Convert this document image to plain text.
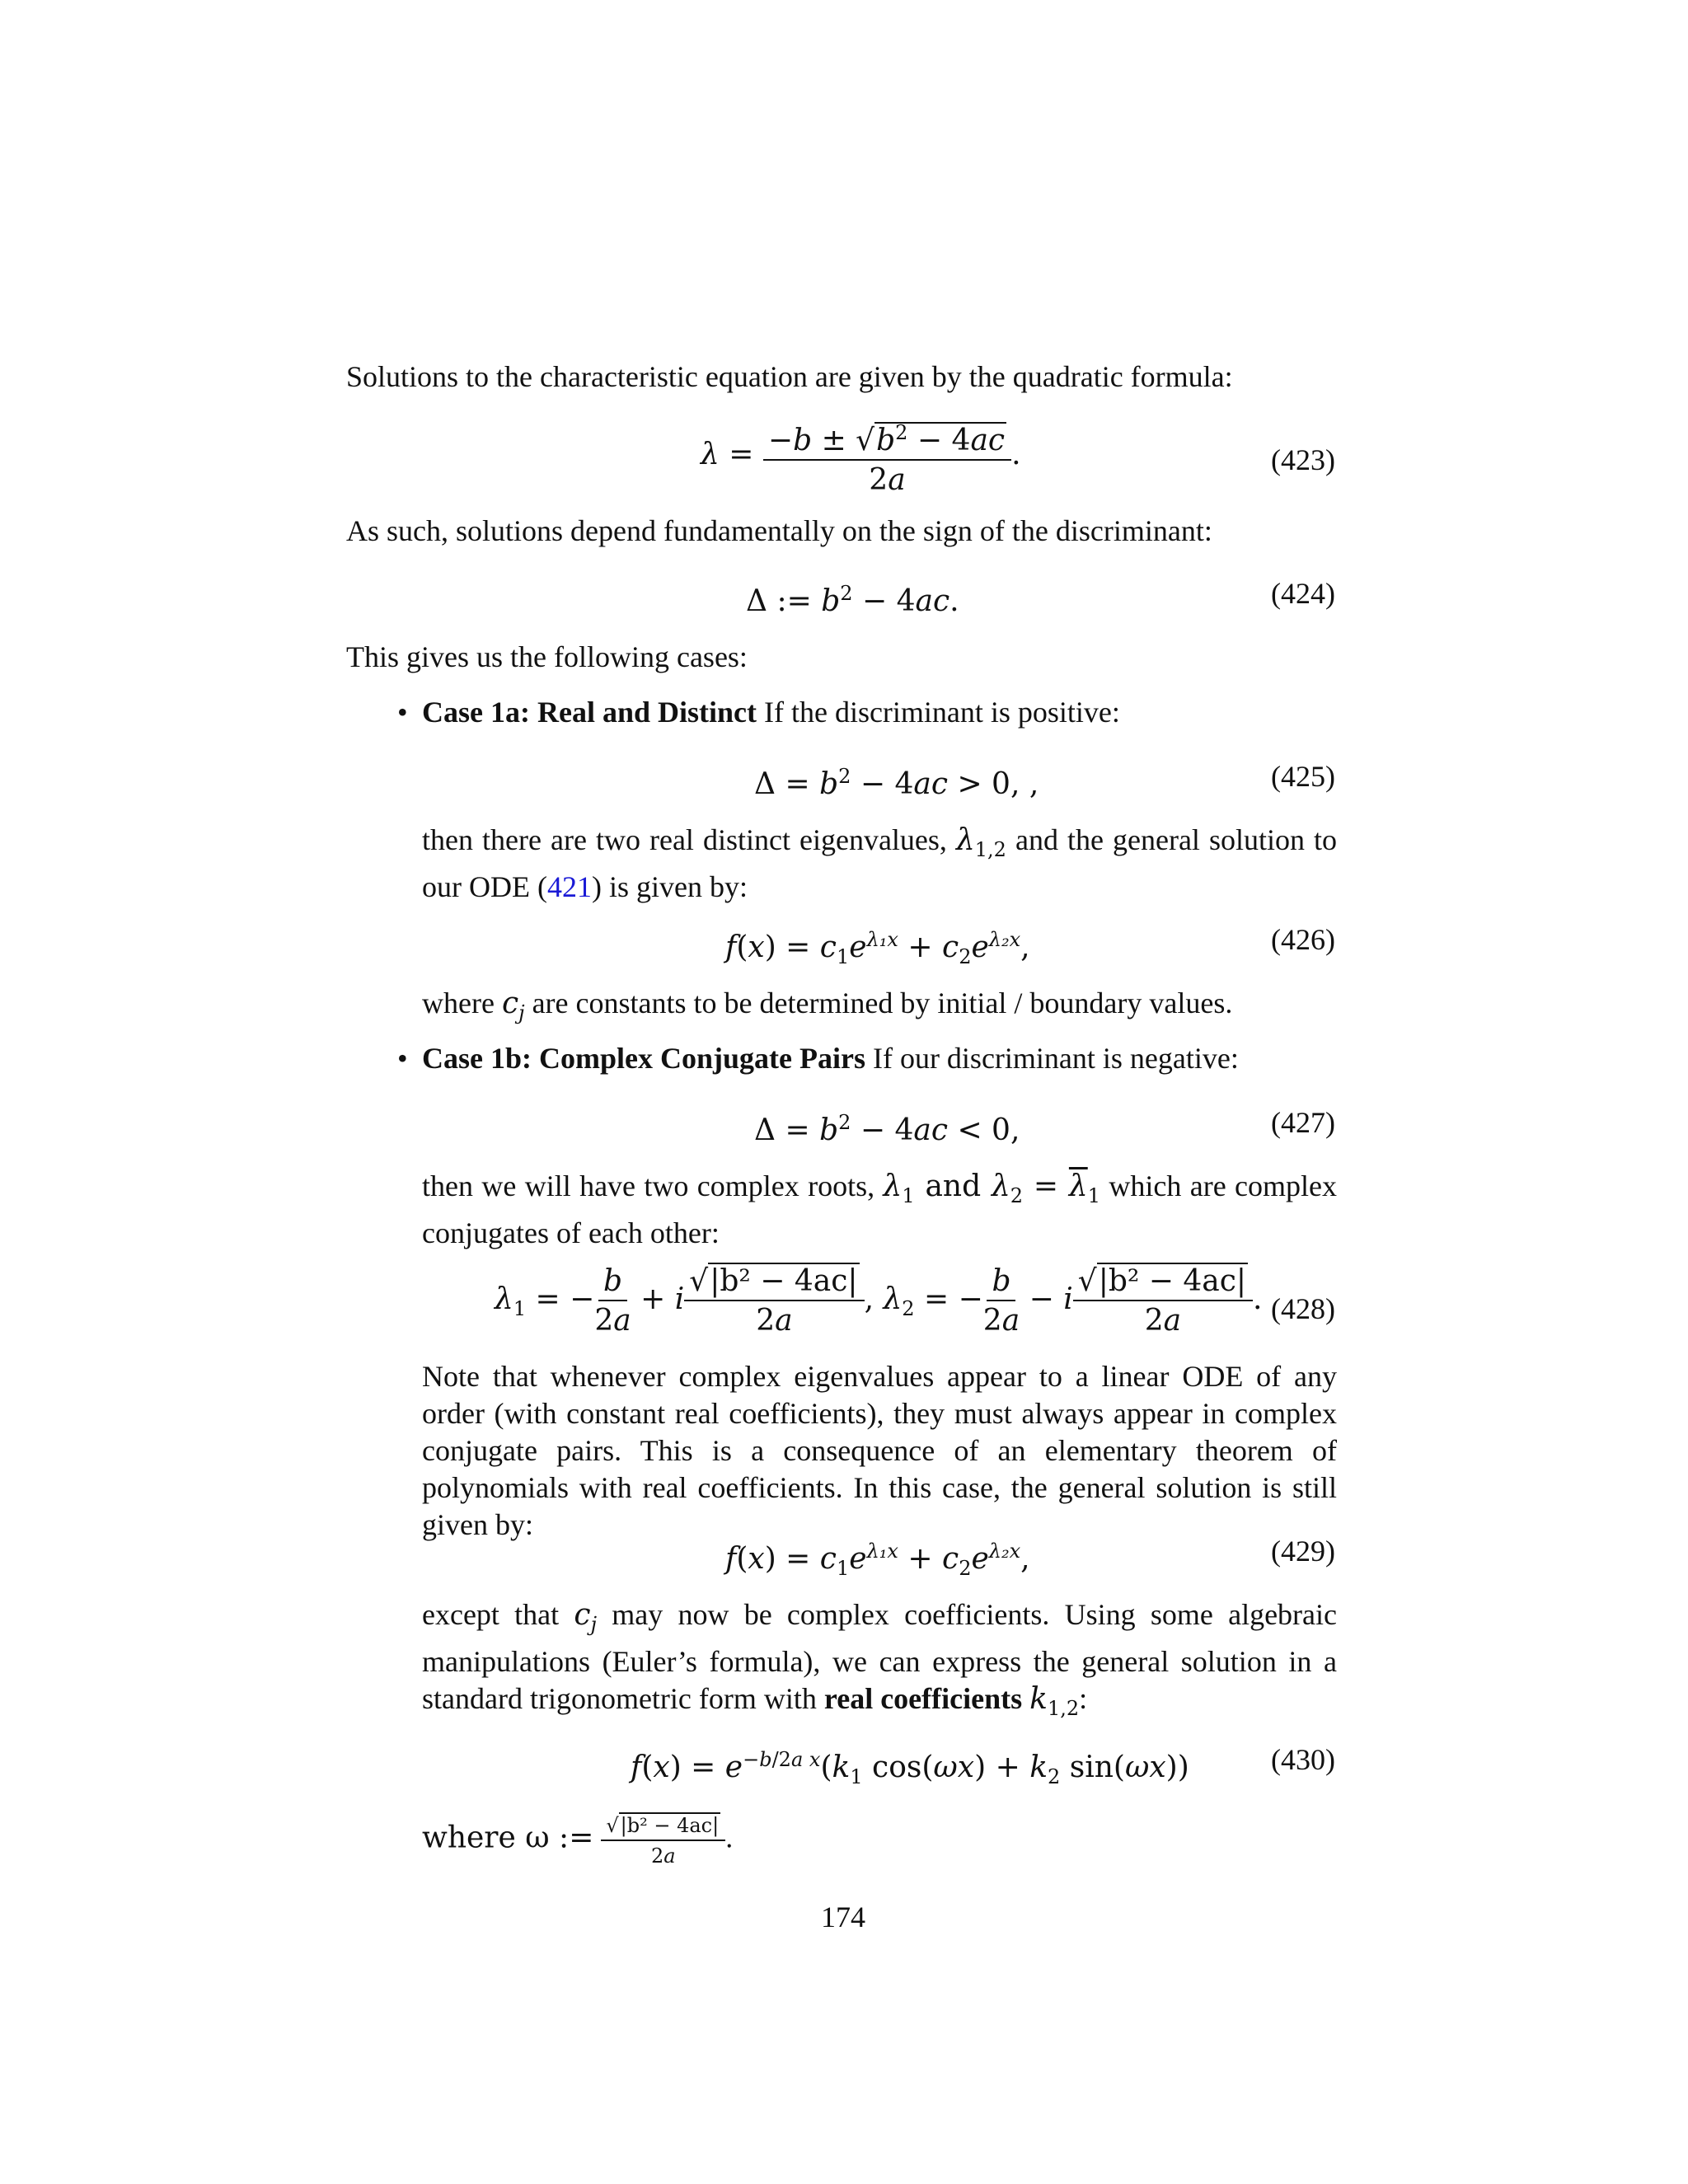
Solutions to the characteristic equation are given by the quadratic formula:

$\lambda = \frac{-b \pm √b^2 - 4ac}{2a}$ .	(423)

As such, solutions depend fundamentally on the sign of the discriminant:

Δ := $b^2 - 4ac$.	(424)

This gives us the following cases:

• Case 1a: Real and Distinct If the discriminant is positive:

$\Delta = b^2 - 4ac > 0$, ,	(425)

then there are two real distinct eigenvalues, $\lambda_{1,2}$ and the general solution to our ODE (421) is given by:

$f(x) = c_1e^{\lambda_1x} + c_2e^{\lambda_2x}$,	(426)

where $c_j$ are constants to be determined by initial / boundary values.

• Case 1b: Complex Conjugate Pairs If our discriminant is negative:

$\Delta = b^2 - 4ac < 0$,	(427)

then we will have two complex roots, $\lambda_1$ and $\lambda_2 = \overline{\lambda}_1$ which are complex conjugates of each other:

$\lambda_1$ = − $\frac{b}{2a} + i \frac{\text{√|b² − 4ac|}}{2a}$ , $\lambda_2$ = − $\frac{b}{2a} - i \frac{\text{√|b² − 4ac|}}{2a}$ . (428)

Note that whenever complex eigenvalues appear to a linear ODE of any order (with constant real coefficients), they must always appear in complex conjugate pairs. This is a consequence of an elementary theorem of polynomials with real coefficients. In this case, the general solution is still given by:

$f(x) = c_1e^{\lambda_1x} + c_2e^{\lambda_2x}$,	(429)

except that $c_j$ may now be complex coefficients. Using some algebraic manipulations (Euler’s formula), we can express the general solution in a standard trigonometric form with real coefficients $k_{1,2}$:

$f(x) = e^{-b/2a x}(k_1$ $\cos(\omega x) + k_2$ sin(ωx))	(430)

where ω := $\frac{\text{√|b² − 4ac|}}{2a}$ .

174
